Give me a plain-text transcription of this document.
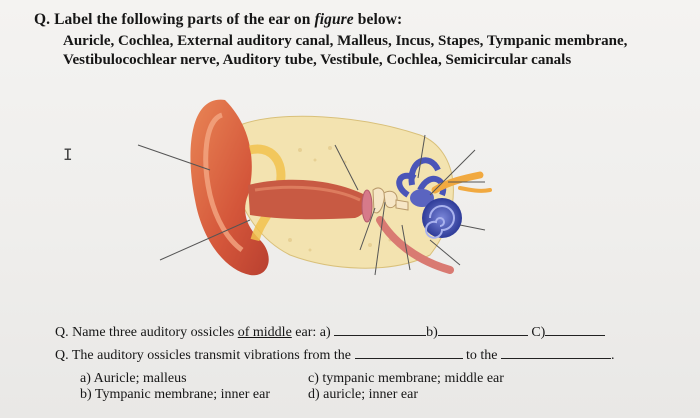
Q. Label the following parts of the ear on figure below:
Auricle, Cochlea, External auditory canal, Malleus, Incus, Stapes, Tympanic membrane,
Vestibulocochlear nerve, Auditory tube, Vestibule, Cochlea, Semicircular canals
I
Q. Name three auditory ossicles of middle ear: a)	b)	C)
Q. The auditory ossicles transmit vibrations from the	to the	.
a) Auricle; malleus
b) Tympanic membrane; inner ear
c) tympanic membrane; middle ear
d) auricle; inner ear
